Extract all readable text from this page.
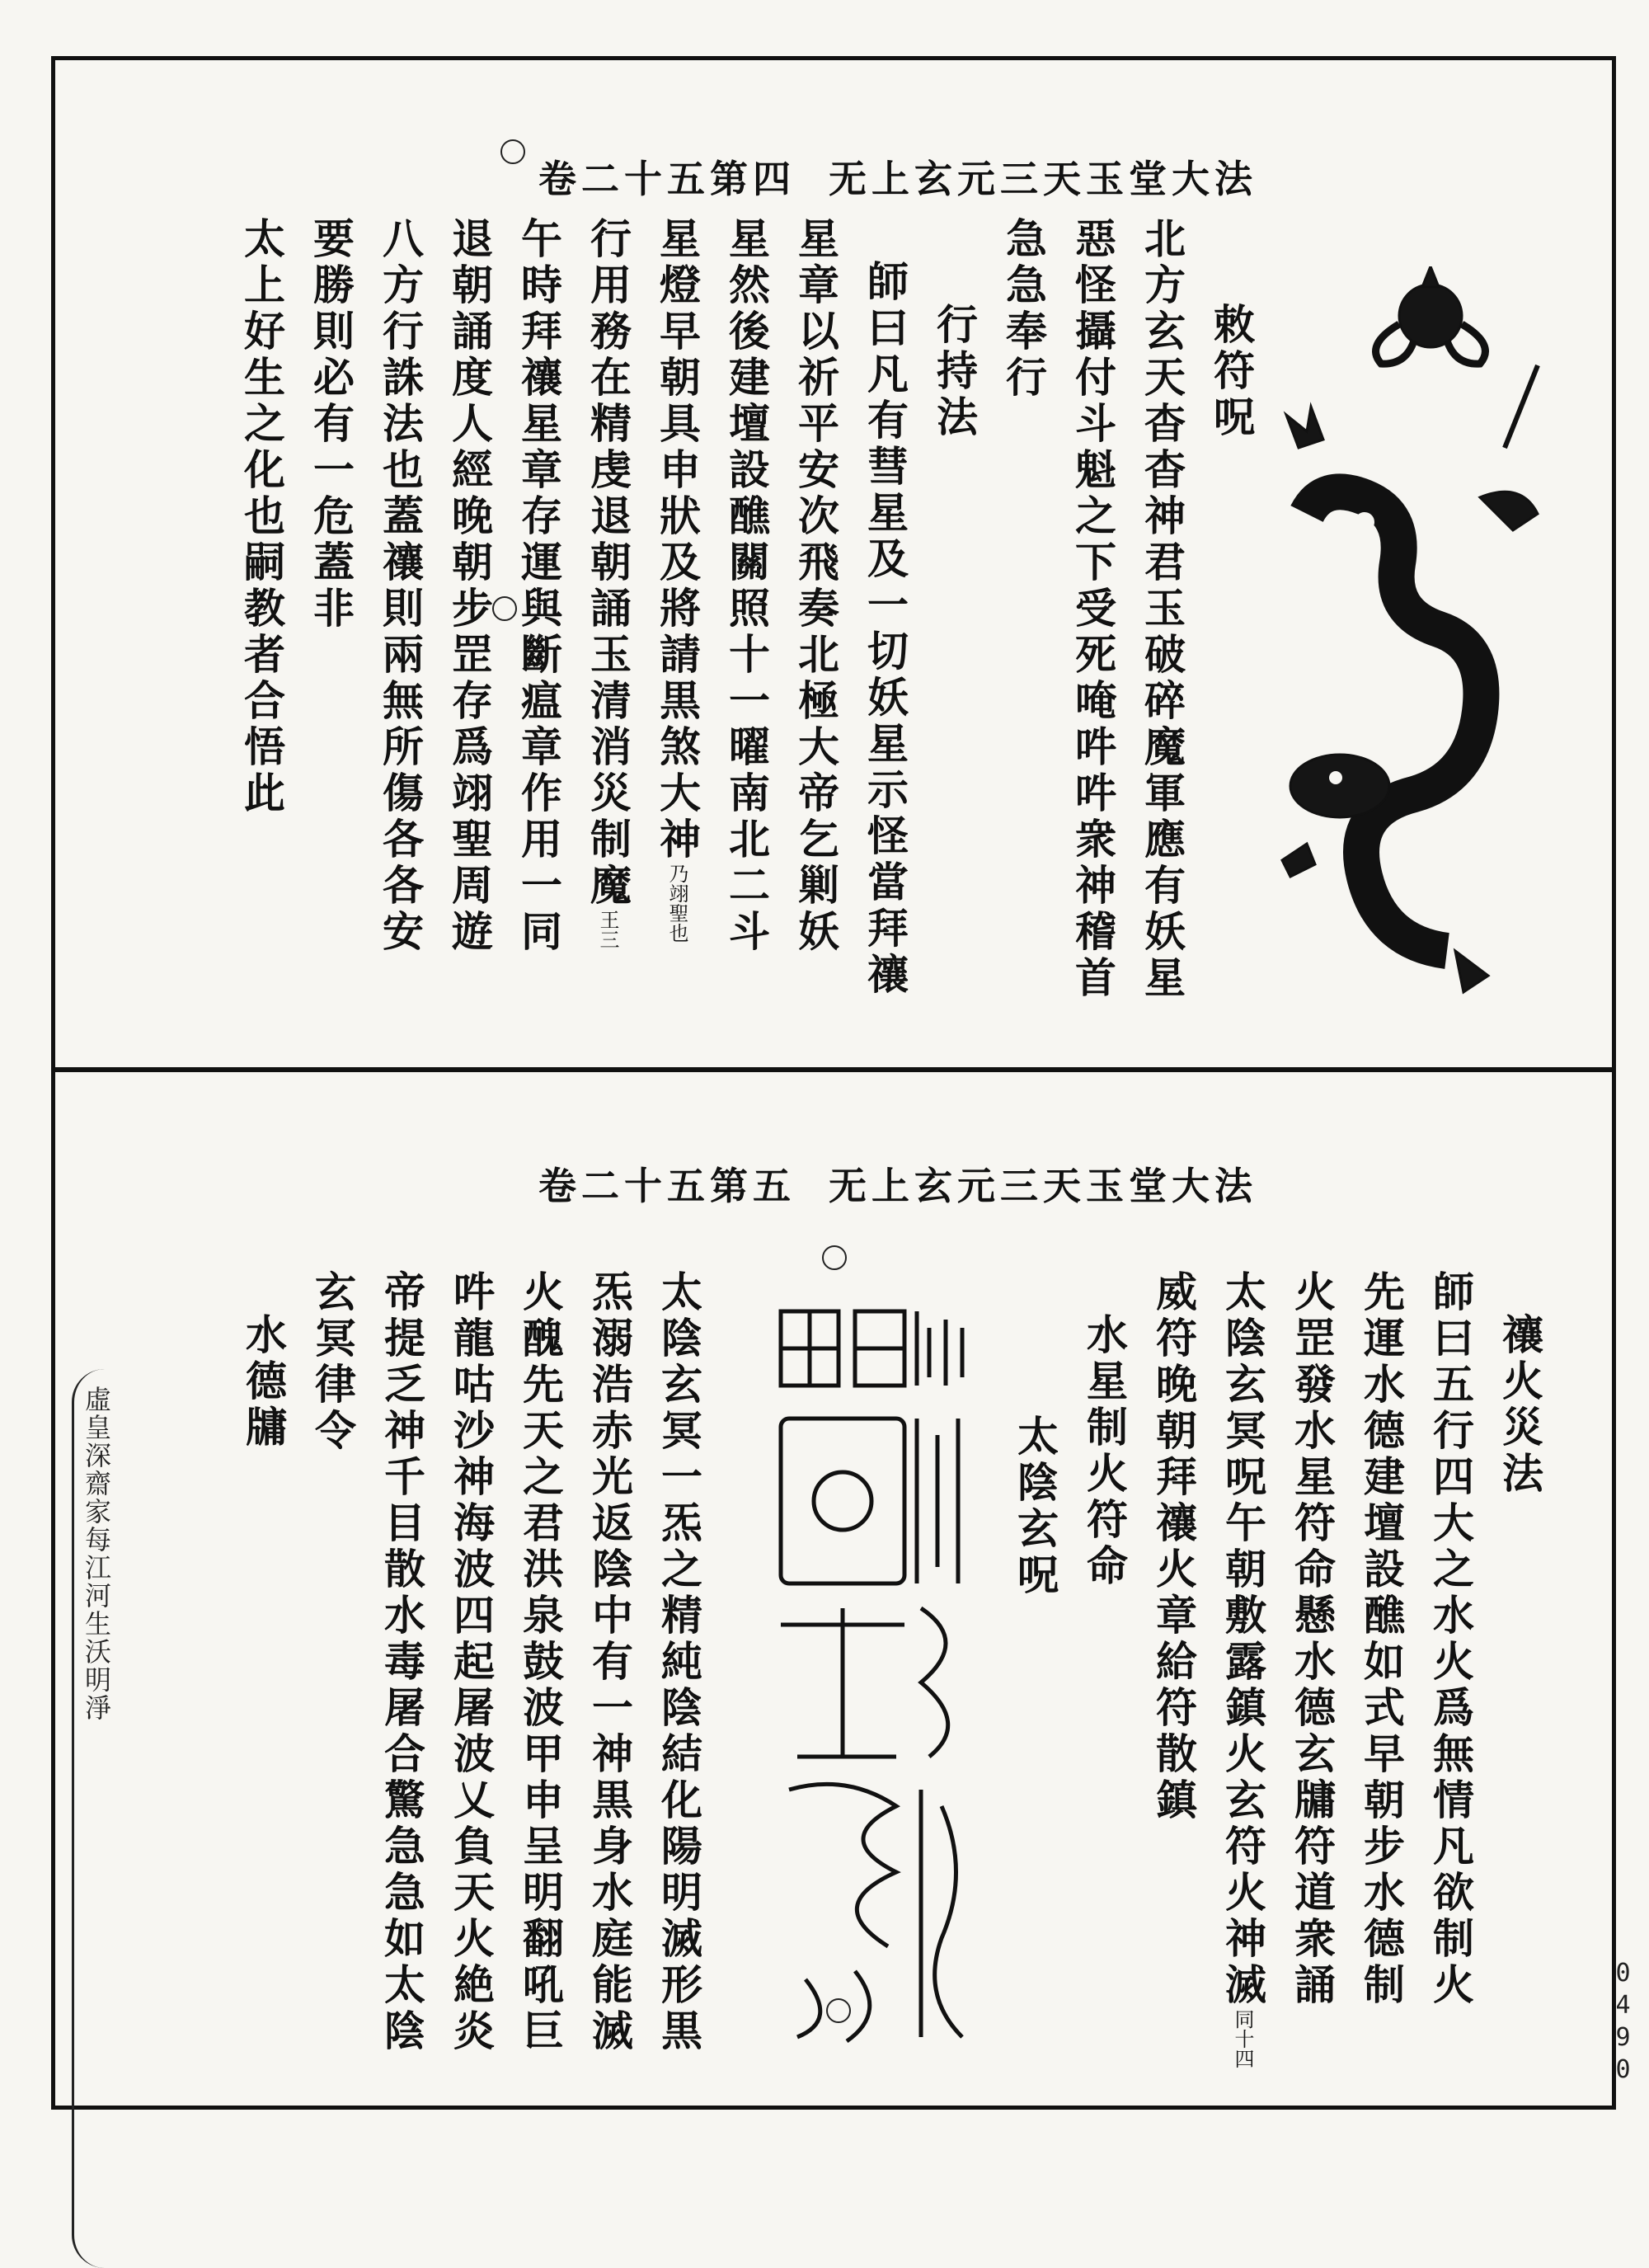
0490
卷二十五第四 无上玄元三天玉堂大法
敕符呪
北方玄天杳杳神君玉破碎魔軍應有妖星
惡怪攝付斗魁之下受死唵吽吽衆神稽首
急急奉行
行持法
師曰凡有彗星及一切妖星示怪當拜禳
星章以祈平安次飛奏北極大帝乞剿妖
星然後建壇設醮關照十一曜南北二斗
星燈早朝具申狀及將請黒煞大神乃翊聖也
行用務在精虔退朝誦玉清消災制魔王三
午時拜禳星章存運與斷瘟章作用一同
退朝誦度人經晚朝步罡存爲翊聖周遊
八方行誅法也蓋禳則兩無所傷各各安
要勝則必有一危蓋非
太上好生之化也嗣教者合悟此
卷二十五第五 无上玄元三天玉堂大法
禳火災法
師曰五行四大之水火爲無情凡欲制火
先運水德建壇設醮如式早朝步水德制
火罡發水星符命懸水德玄牗符道衆誦
太陰玄冥呪午朝敷露鎮火玄符火神滅同十四
威符晚朝拜禳火章給符散鎮
水星制火符命
太陰玄呪
太陰玄冥一炁之精純陰結化陽明滅形黒
炁溺浩赤光返陰中有一神黒身水庭能滅
火醜先天之君洪泉鼓波甲申呈明翻吼巨
吽龍咕沙神海波四起屠波乂負天火絶炎
帝提乏神千目散水毒屠合驚急急如太陰
玄冥律令
水德牗
虛皇深齋家每江河生沃明淨
